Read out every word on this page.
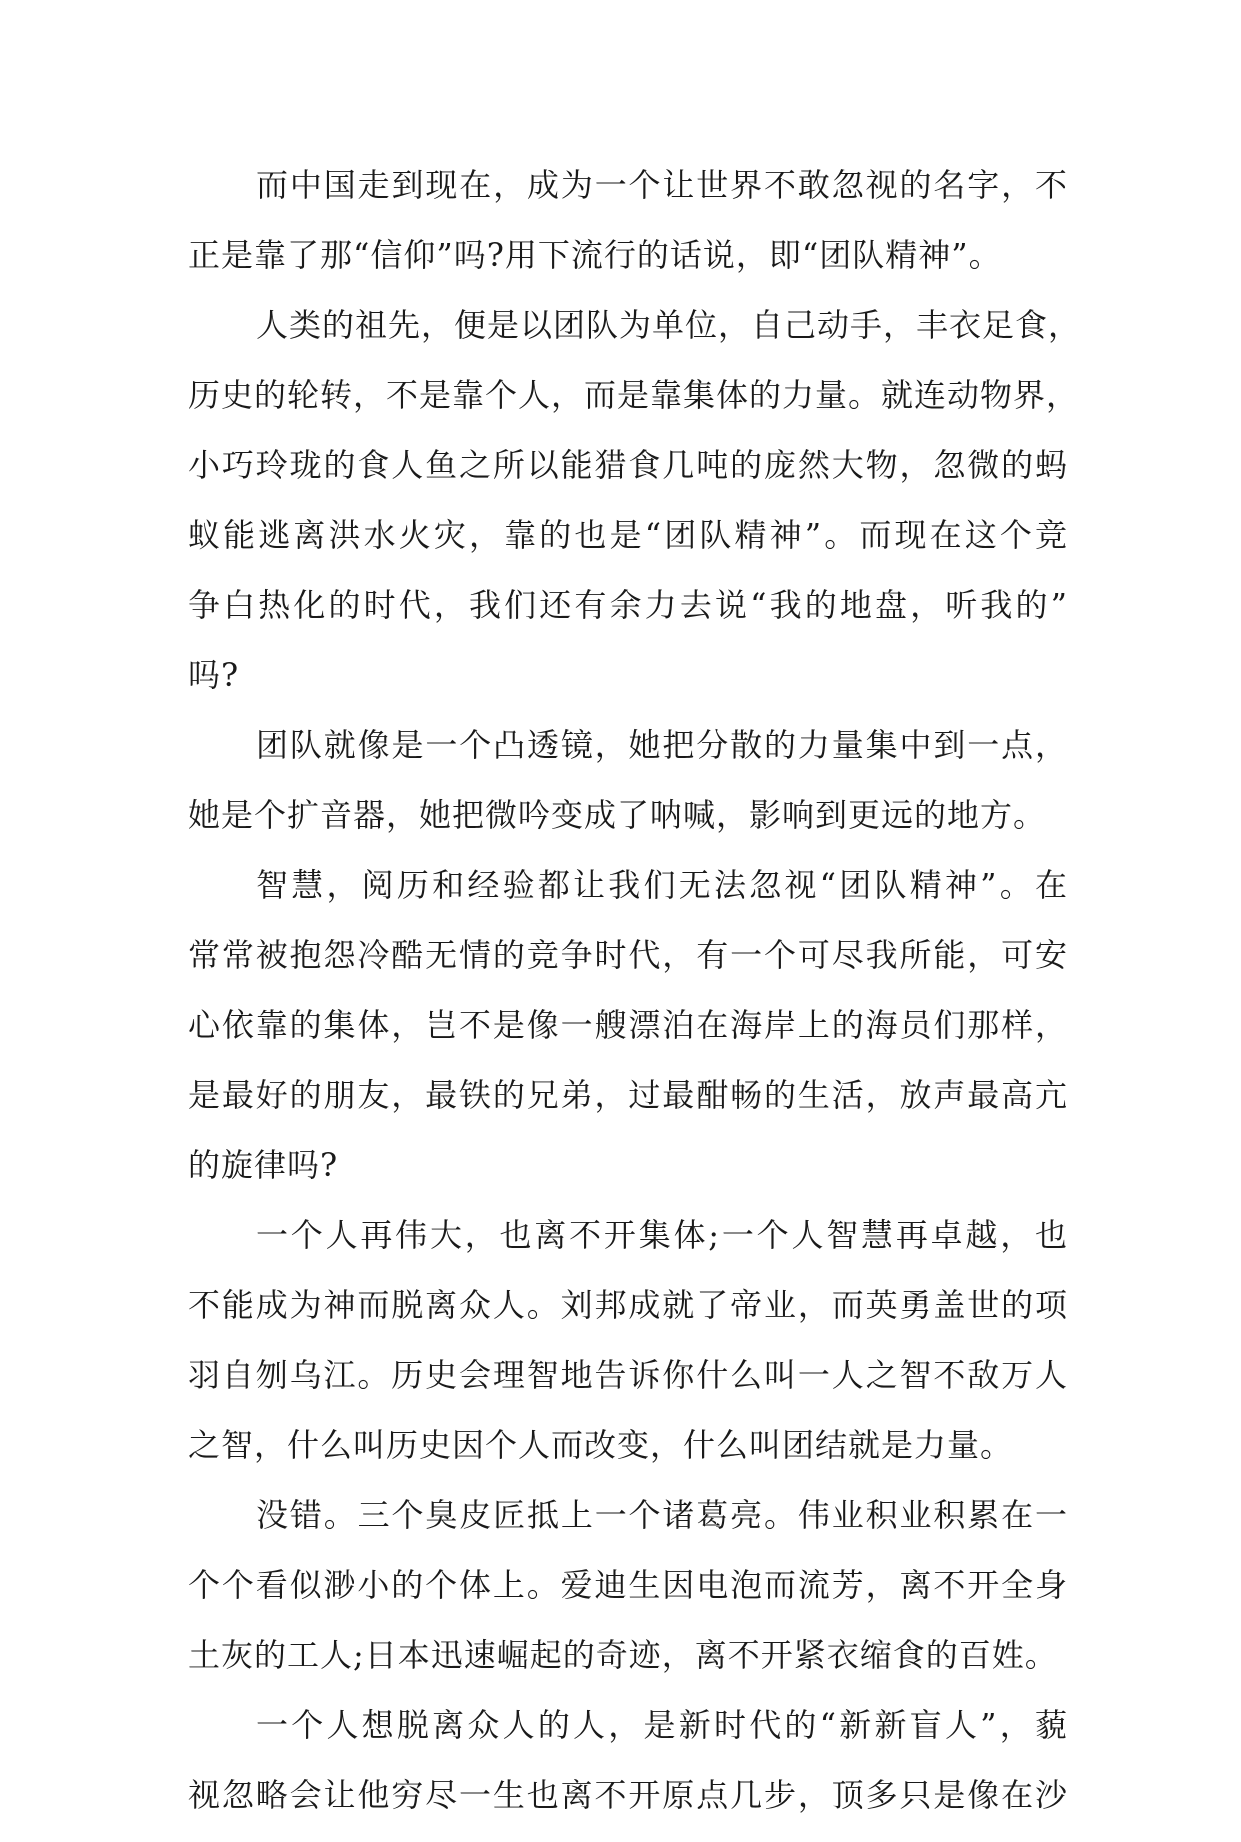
而中国走到现在，成为一个让世界不敢忽视的名字，不
正是靠了那“信仰”吗?用下流行的话说，即“团队精神”。
人类的祖先，便是以团队为单位，自己动手，丰衣足食，
历史的轮转，不是靠个人，而是靠集体的力量。就连动物界，
小巧玲珑的食人鱼之所以能猎食几吨的庞然大物，忽微的蚂
蚁能逃离洪水火灾，靠的也是“团队精神”。而现在这个竞
争白热化的时代，我们还有余力去说“我的地盘，听我的”
吗?
团队就像是一个凸透镜，她把分散的力量集中到一点，
她是个扩音器，她把微吟变成了呐喊，影响到更远的地方。
智慧，阅历和经验都让我们无法忽视“团队精神”。在
常常被抱怨冷酷无情的竞争时代，有一个可尽我所能，可安
心依靠的集体，岂不是像一艘漂泊在海岸上的海员们那样，
是最好的朋友，最铁的兄弟，过最酣畅的生活，放声最高亢
的旋律吗?
一个人再伟大，也离不开集体;一个人智慧再卓越，也
不能成为神而脱离众人。刘邦成就了帝业，而英勇盖世的项
羽自刎乌江。历史会理智地告诉你什么叫一人之智不敌万人
之智，什么叫历史因个人而改变，什么叫团结就是力量。
没错。三个臭皮匠抵上一个诸葛亮。伟业积业积累在一
个个看似渺小的个体上。爱迪生因电泡而流芳，离不开全身
土灰的工人;日本迅速崛起的奇迹，离不开紧衣缩食的百姓。
一个人想脱离众人的人，是新时代的“新新盲人”，藐
视忽略会让他穷尽一生也离不开原点几步，顶多只是像在沙
